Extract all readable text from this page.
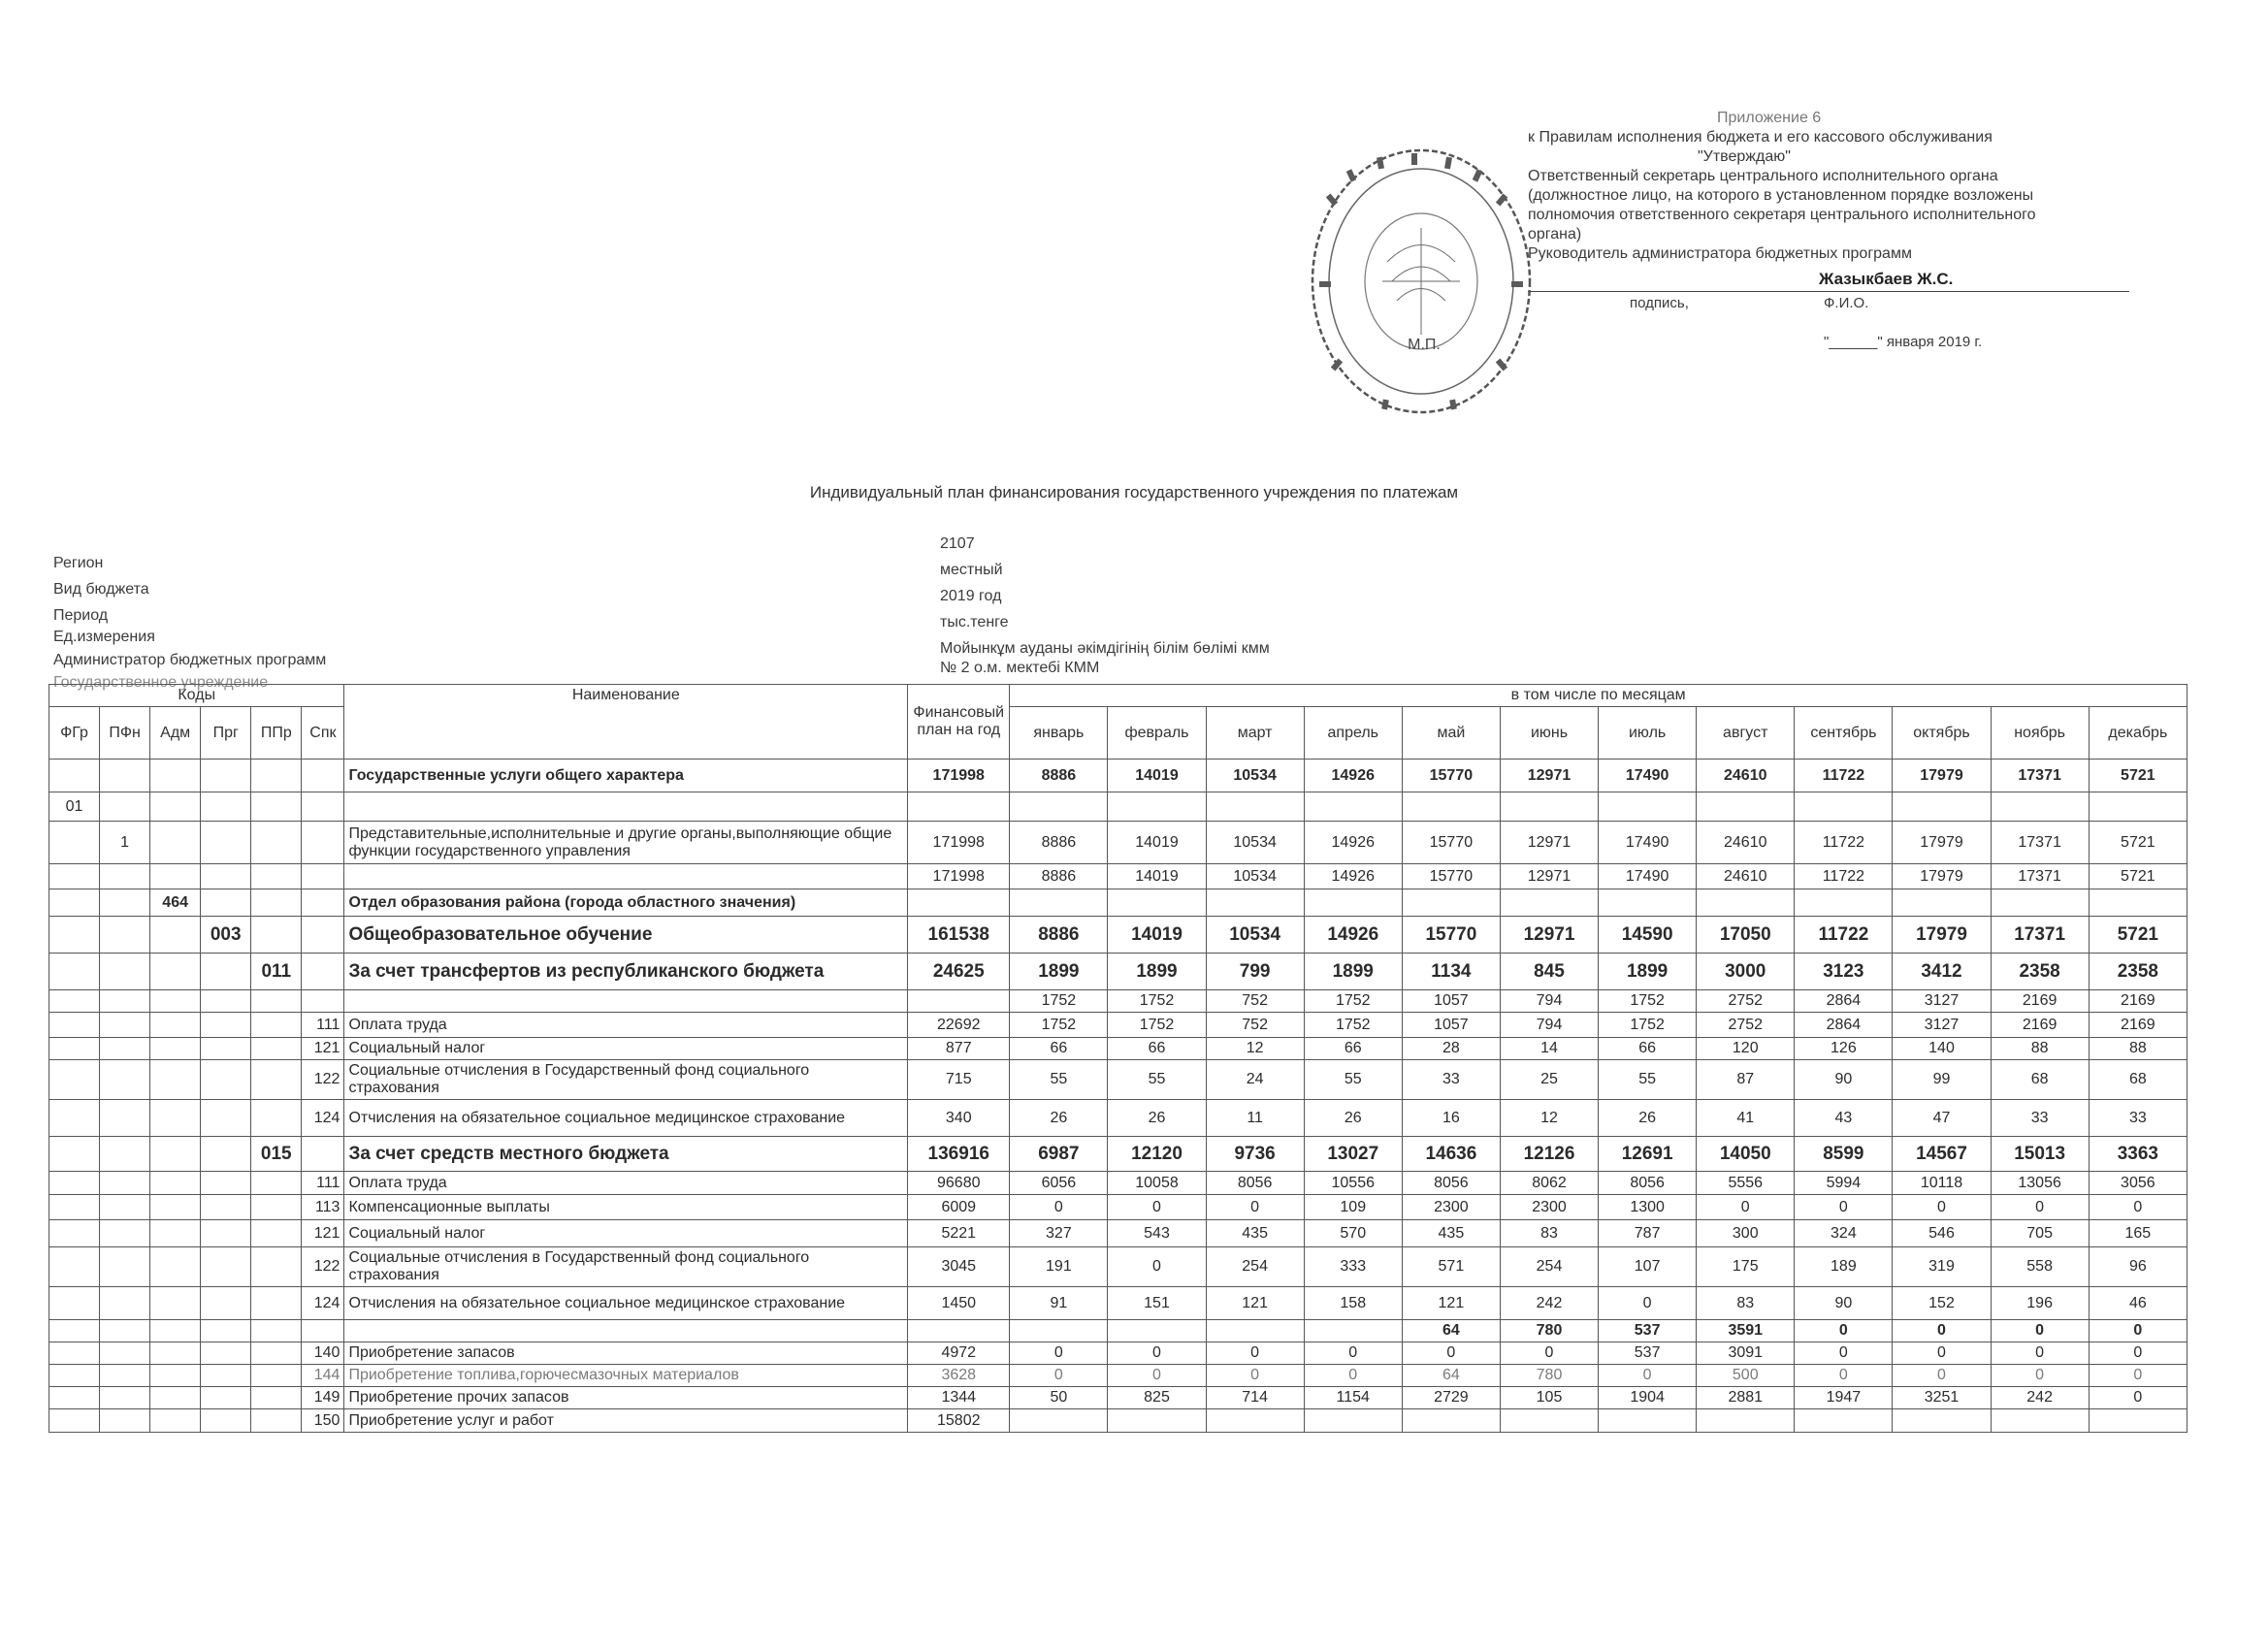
Приложение 6
к Правилам исполнения бюджета и его кассового обслуживания
"Утверждаю"
Ответственный секретарь центрального исполнительного органа
(должностное лицо, на которого в установленном порядке возложены
полномочия ответственного секретаря центрального исполнительного
органа)
Руководитель администратора бюджетных программ
Жазыкбаев Ж.С.
подпись,	Ф.И.О.
"______" января 2019 г.
М.П.
Индивидуальный план финансирования государственного учреждения по платежам
Регион
2107
Вид бюджета
местный
Период
2019 год
Ед.измерения
тыс.тенге
Администратор бюджетных программ
Мойынкұм ауданы әкімдігінің білім бөлімі кмм
Государственное учреждение
№ 2 о.м. мектебі КММ
Коды						Наименование	Финансовый план на год	в том числе по месяцам											
ФГр	ПФн	Адм	Прг	ППр	Спк			январь	февраль	март	апрель	май	июнь	июль	август	сентябрь	октябрь	ноябрь	декабрь
						Государственные услуги общего характера	171998	8886	14019	10534	14926	15770	12971	17490	24610	11722	17979	17371	5721
01																			
	1					Представительные,исполнительные и другие органы,выполняющие общие функции государственного управления	171998	8886	14019	10534	14926	15770	12971	17490	24610	11722	17979	17371	5721
							171998	8886	14019	10534	14926	15770	12971	17490	24610	11722	17979	17371	5721
		464				Отдел образования района (города областного значения)													
			003			Общеобразовательное обучение	161538	8886	14019	10534	14926	15770	12971	14590	17050	11722	17979	17371	5721
				011		За счет трансфертов из республиканского бюджета	24625	1899	1899	799	1899	1134	845	1899	3000	3123	3412	2358	2358
								1752	1752	752	1752	1057	794	1752	2752	2864	3127	2169	2169
					111	Оплата труда	22692	1752	1752	752	1752	1057	794	1752	2752	2864	3127	2169	2169
					121	Социальный налог	877	66	66	12	66	28	14	66	120	126	140	88	88
					122	Социальные отчисления в Государственный фонд социального страхования	715	55	55	24	55	33	25	55	87	90	99	68	68
					124	Отчисления на обязательное социальное медицинское страхование	340	26	26	11	26	16	12	26	41	43	47	33	33
				015		За счет средств местного бюджета	136916	6987	12120	9736	13027	14636	12126	12691	14050	8599	14567	15013	3363
					111	Оплата труда	96680	6056	10058	8056	10556	8056	8062	8056	5556	5994	10118	13056	3056
					113	Компенсационные выплаты	6009	0	0	0	109	2300	2300	1300	0	0	0	0	0
					121	Социальный налог	5221	327	543	435	570	435	83	787	300	324	546	705	165
					122	Социальные отчисления в Государственный фонд социального страхования	3045	191	0	254	333	571	254	107	175	189	319	558	96
					124	Отчисления на обязательное социальное медицинское страхование	1450	91	151	121	158	121	242	0	83	90	152	196	46
												64	780	537	3591	0	0	0	0
					140	Приобретение запасов	4972	0	0	0	0	0	0	537	3091	0	0	0	0
					144	Приобретение топлива,горючесмазочных материалов	3628	0	0	0	0	64	780	0	500	0	0	0	0
					149	Приобретение прочих запасов	1344	50	825	714	1154	2729	105	1904	2881	1947	3251	242	0
					150	Приобретение услуг и работ	15802												
